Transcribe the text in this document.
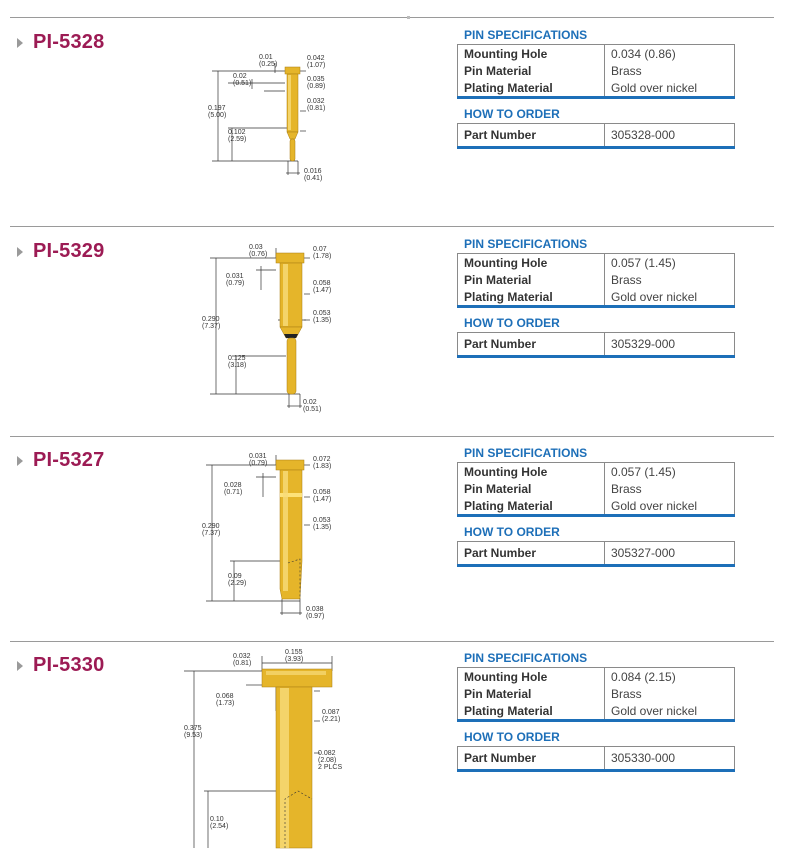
PI-5328
0.01
(0.25)
0.042
(1.07)
0.02
(0.51)
0.035
(0.89)
0.032
(0.81)
0.197
(5.00)
0.102
(2.59)
0.016
(0.41)
PIN SPECIFICATIONS
Mounting Hole	0.034 (0.86)
Pin Material	Brass
Plating Material	Gold over nickel
HOW TO ORDER
Part Number	305328-000
PI-5329	0.03
(0.76)
0.07
(1.78)
0.031
(0.79)	0.058
(1.47)
0.053
(1.35)
0.290
(7.37)
0.125
(3.18)
0.02
(0.51)
PIN SPECIFICATIONS
Mounting Hole	0.057 (1.45)
Pin Material	Brass
Plating Material	Gold over nickel
HOW TO ORDER
Part Number	305329-000
PI-5327	0.031
(0.79)
0.072
(1.83)
0.028
(0.71)	0.058
(1.47)
0.053
(1.35)
0.290
(7.37)
0.09
(2.29)
0.038
(0.97)
PIN SPECIFICATIONS
Mounting Hole	0.057 (1.45)
Pin Material	Brass
Plating Material	Gold over nickel
HOW TO ORDER
Part Number	305327-000
PI-5330	0.032
(0.81)
0.155
(3.93)
0.068
(1.73)
0.087
(2.21)
0.082
(2.08)
2 PLCS
0.375
(9.53)
0.10
(2.54)
PIN SPECIFICATIONS
Mounting Hole	0.084 (2.15)
Pin Material	Brass
Plating Material	Gold over nickel
HOW TO ORDER
Part Number	305330-000
